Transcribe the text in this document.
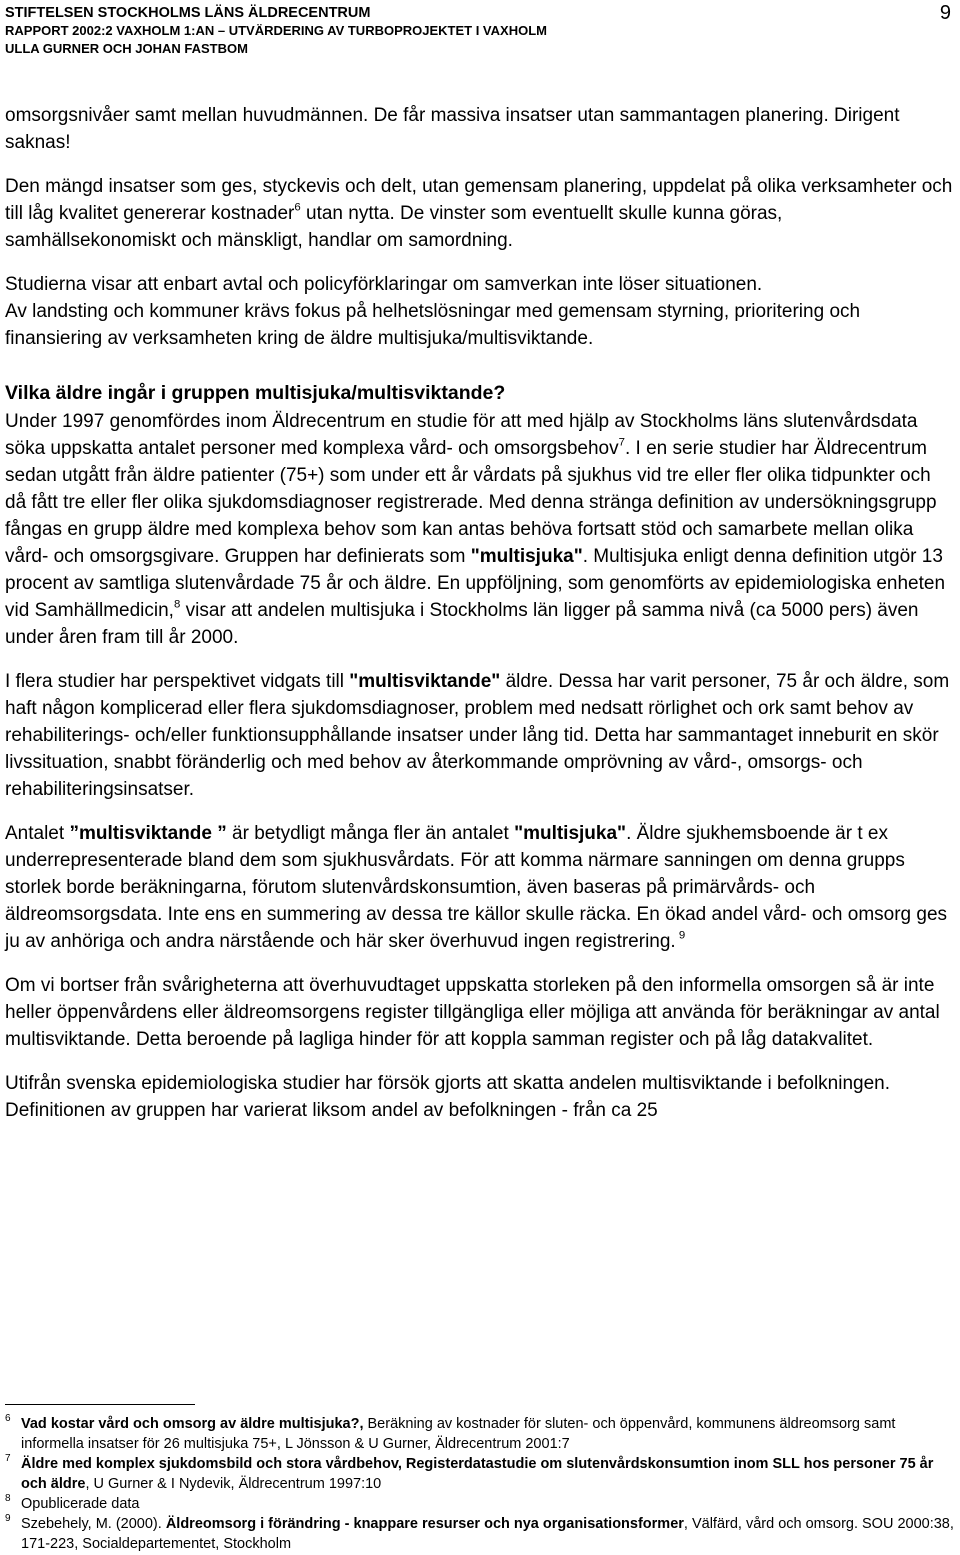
STIFTELSEN STOCKHOLMS LÄNS ÄLDRECENTRUM
RAPPORT 2002:2 VAXHOLM 1:AN – UTVÄRDERING AV TURBOPROJEKTET I VAXHOLM
ULLA GURNER OCH JOHAN FASTBOM
9

omsorgsnivåer samt mellan huvudmännen. De får massiva insatser utan sammantagen planering. Dirigent saknas!

Den mängd insatser som ges, styckevis och delt, utan gemensam planering, uppdelat på olika verksamheter och till låg kvalitet genererar kostnader$^6$ utan nytta. De vinster som eventuellt skulle kunna göras, samhällsekonomiskt och mänskligt, handlar om samordning.

Studierna visar att enbart avtal och policyförklaringar om samverkan inte löser situationen.

Av landsting och kommuner krävs fokus på helhetslösningar med gemensam styrning, prioritering och finansiering av verksamheten kring de äldre multisjuka/multisviktande.

Vilka äldre ingår i gruppen multisjuka/multisviktande?

Under 1997 genomfördes inom Äldrecentrum en studie för att med hjälp av Stockholms läns slutenvårdsdata söka uppskatta antalet personer med komplexa vård- och omsorgsbehov$^7$. I en serie studier har Äldrecentrum sedan utgått från äldre patienter (75+) som under ett år vårdats på sjukhus vid tre eller fler olika tidpunkter och då fått tre eller fler olika sjukdomsdiagnoser registrerade. Med denna stränga definition av undersökningsgrupp fångas en grupp äldre med komplexa behov som kan antas behöva fortsatt stöd och samarbete mellan olika vård- och omsorgsgivare. Gruppen har definierats som "multisjuka". Multisjuka enligt denna definition utgör 13 procent av samtliga slutenvårdade 75 år och äldre. En uppföljning, som genomförts av epidemiologiska enheten vid Samhällmedicin,$^8$ visar att andelen multisjuka i Stockholms län ligger på samma nivå (ca 5000 pers) även under åren fram till år 2000.

I flera studier har perspektivet vidgats till "multisviktande" äldre. Dessa har varit personer, 75 år och äldre, som haft någon komplicerad eller flera sjukdomsdiagnoser, problem med nedsatt rörlighet och ork samt behov av rehabiliterings- och/eller funktionsupphållande insatser under lång tid. Detta har sammantaget inneburit en skör livssituation, snabbt föränderlig och med behov av återkommande omprövning av vård-, omsorgs- och rehabiliteringsinsatser.

Antalet ”multisviktande ” är betydligt många fler än antalet "multisjuka". Äldre sjukhemsboende är t ex underrepresenterade bland dem som sjukhusvårdats. För att komma närmare sanningen om denna grupps storlek borde beräkningarna, förutom slutenvårdskonsumtion, även baseras på primärvårds- och äldreomsorgsdata. Inte ens en summering av dessa tre källor skulle räcka. En ökad andel vård- och omsorg ges ju av anhöriga och andra närstående och här sker överhuvud ingen registrering. $^9$

Om vi bortser från svårigheterna att överhuvudtaget uppskatta storleken på den informella omsorgen så är inte heller öppenvårdens eller äldreomsorgens register tillgängliga eller möjliga att använda för beräkningar av antal multisviktande. Detta beroende på lagliga hinder för att koppla samman register och på låg datakvalitet.

Utifrån svenska epidemiologiska studier har försök gjorts att skatta andelen multisviktande i befolkningen. Definitionen av gruppen har varierat liksom andel av befolkningen - från ca 25

6 Vad kostar vård och omsorg av äldre multisjuka?, Beräkning av kostnader för sluten- och öppenvård, kommunens äldreomsorg samt informella insatser för 26 multisjuka 75+, L Jönsson & U Gurner, Äldrecentrum 2001:7
7 Äldre med komplex sjukdomsbild och stora vårdbehov, Registerdatastudie om slutenvårdskonsumtion inom SLL hos personer 75 år och äldre, U Gurner & I Nydevik, Äldrecentrum 1997:10
8 Opublicerade data
9 Szebehely, M. (2000). Äldreomsorg i förändring - knappare resurser och nya organisationsformer, Välfärd, vård och omsorg. SOU 2000:38, 171-223, Socialdepartementet, Stockholm
